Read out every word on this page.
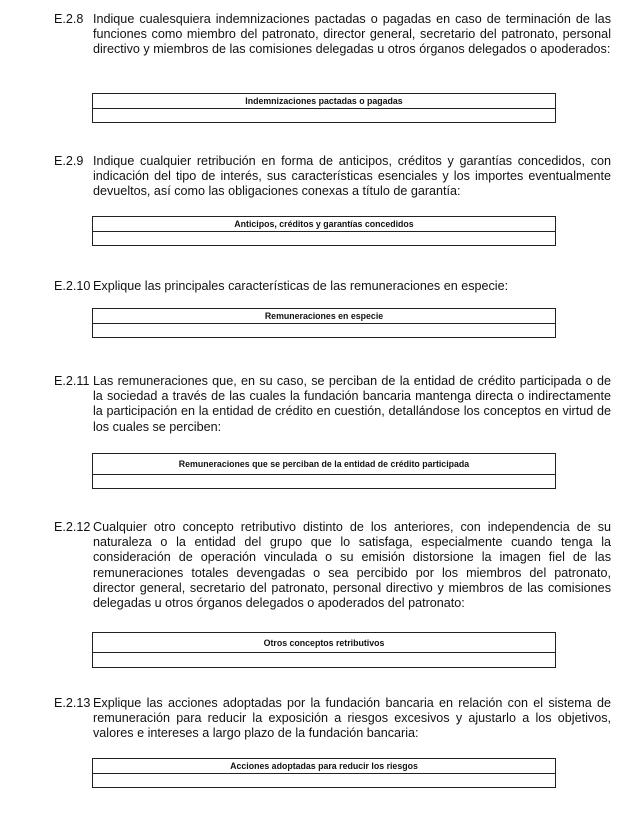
E.2.8 Indique cualesquiera indemnizaciones pactadas o pagadas en caso de terminación de las funciones como miembro del patronato, director general, secretario del patronato, personal directivo y miembros de las comisiones delegadas u otros órganos delegados o apoderados:
Indemnizaciones pactadas o pagadas

E.2.9 Indique cualquier retribución en forma de anticipos, créditos y garantías concedidos, con indicación del tipo de interés, sus características esenciales y los importes eventualmente devueltos, así como las obligaciones conexas a título de garantía:
Anticipos, créditos y garantías concedidos

E.2.10 Explique las principales características de las remuneraciones en especie:
Remuneraciones en especie

E.2.11 Las remuneraciones que, en su caso, se perciban de la entidad de crédito participada o de la sociedad a través de las cuales la fundación bancaria mantenga directa o indirectamente la participación en la entidad de crédito en cuestión, detallándose los conceptos en virtud de los cuales se perciben:
Remuneraciones que se perciban de la entidad de crédito participada

E.2.12 Cualquier otro concepto retributivo distinto de los anteriores, con independencia de su naturaleza o la entidad del grupo que lo satisfaga, especialmente cuando tenga la consideración de operación vinculada o su emisión distorsione la imagen fiel de las remuneraciones totales devengadas o sea percibido por los miembros del patronato, director general, secretario del patronato, personal directivo y miembros de las comisiones delegadas u otros órganos delegados o apoderados del patronato:
Otros conceptos retributivos

E.2.13 Explique las acciones adoptadas por la fundación bancaria en relación con el sistema de remuneración para reducir la exposición a riesgos excesivos y ajustarlo a los objetivos, valores e intereses a largo plazo de la fundación bancaria:
Acciones adoptadas para reducir los riesgos
